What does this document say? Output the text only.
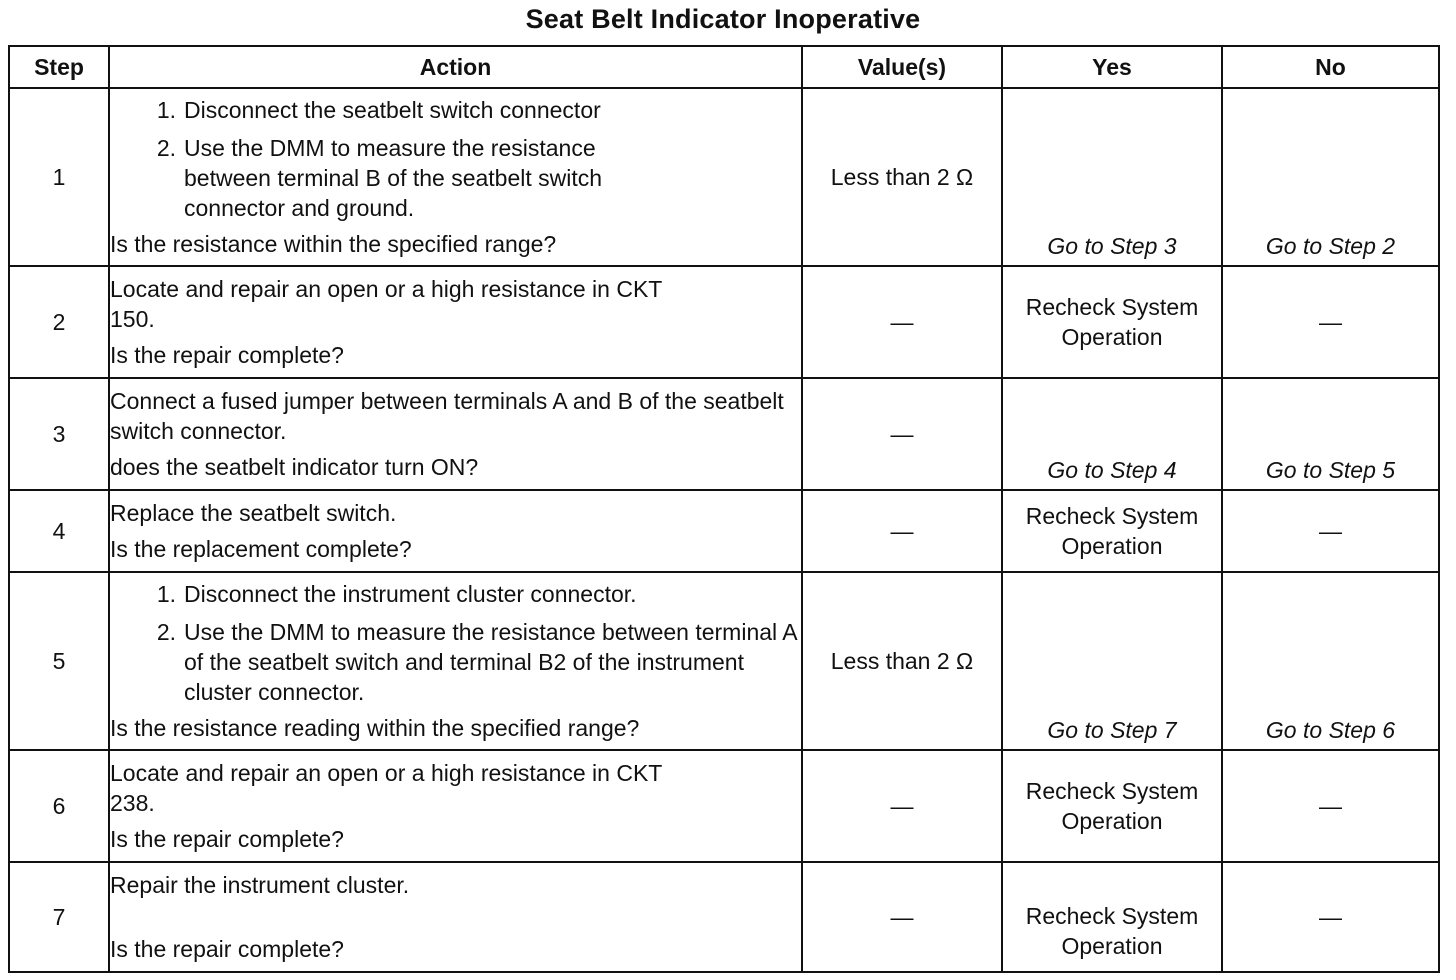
Seat Belt Indicator Inoperative
Step	Action	Value(s)	Yes	No
1	1. Disconnect the seatbelt switch connector
2. Use the DMM to measure the resistance between terminal B of the seatbelt switch connector and ground.
Is the resistance within the specified range?	Less than 2 Ω	Go to Step 3	Go to Step 2

2	Locate and repair an open or a high resistance in CKT 150.
Is the repair complete?	—	Recheck System Operation	—
3	Connect a fused jumper between terminals A and B of the seatbelt switch connector.
does the seatbelt indicator turn ON?	—	Go to Step 4	Go to Step 5

4	Replace the seatbelt switch.
Is the replacement complete?	—	Recheck System Operation	—
5	1. Disconnect the instrument cluster connector.
2. Use the DMM to measure the resistance between terminal A of the seatbelt switch and terminal B2 of the instrument cluster connector.
Is the resistance reading within the specified range?	Less than 2 Ω	Go to Step 7	Go to Step 6

6	Locate and repair an open or a high resistance in CKT 238.
Is the repair complete?	—	Recheck System Operation	—
7	Repair the instrument cluster.
Is the repair complete?	—	Recheck System Operation	—
